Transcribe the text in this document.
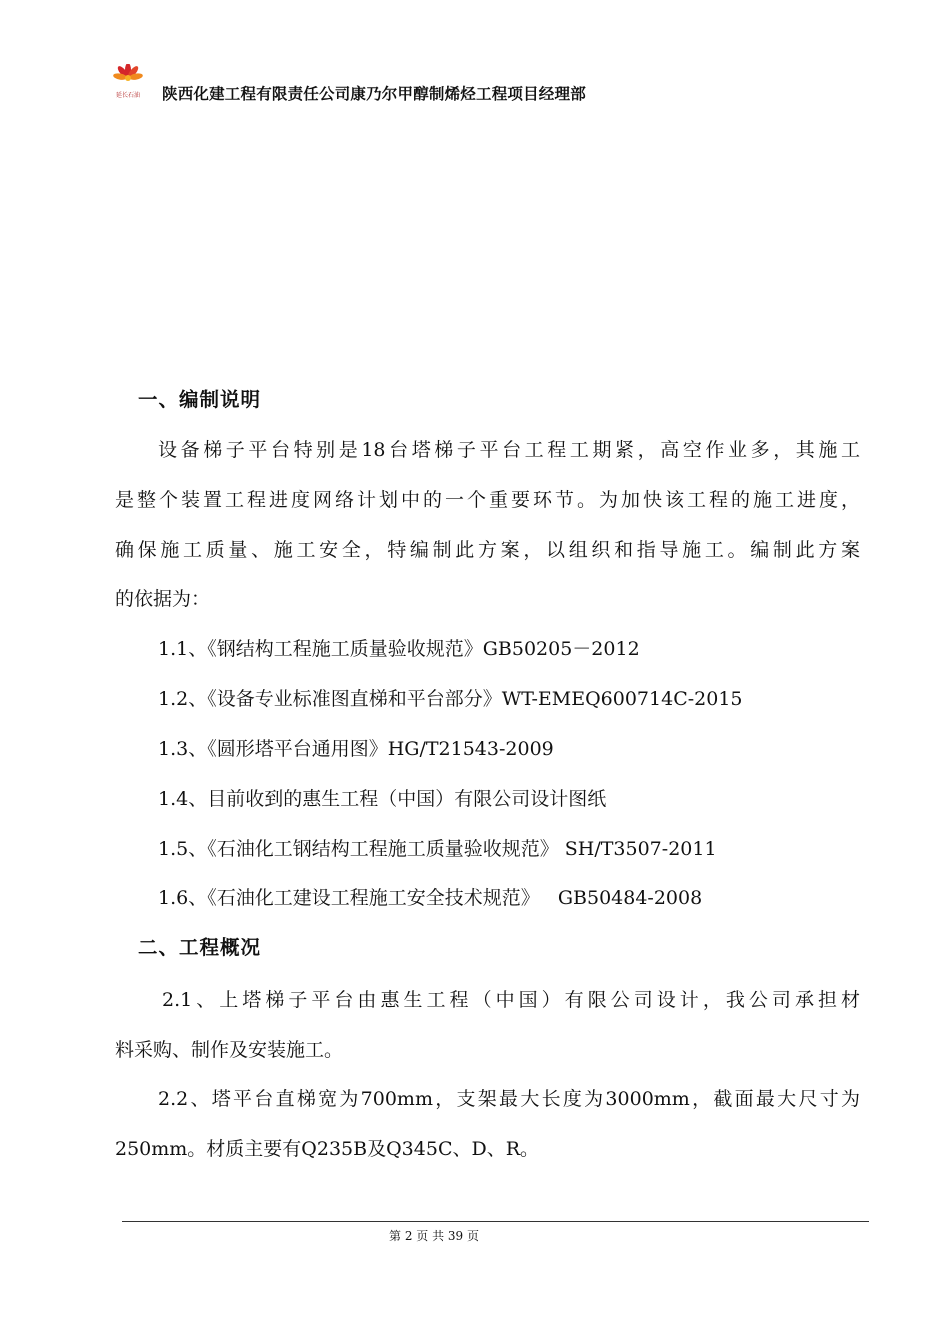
延长石油	陕西化建工程有限责任公司康乃尔甲醇制烯烃工程项目经理部
一、编制说明
设备梯子平台特别是18台塔梯子平台工程工期紧，高空作业多，其施工
是整个装置工程进度网络计划中的一个重要环节。为加快该工程的施工进度，
确保施工质量、施工安全，特编制此方案，以组织和指导施工。编制此方案
的依据为：
1.1、《钢结构工程施工质量验收规范》GB50205－2012
1.2、《设备专业标准图直梯和平台部分》WT-EMEQ600714C-2015
1.3、《圆形塔平台通用图》HG/T21543-2009
1.4、目前收到的惠生工程（中国）有限公司设计图纸
1.5、《石油化工钢结构工程施工质量验收规范》 SH/T3507-2011
1.6、《石油化工建设工程施工安全技术规范》   GB50484-2008
二、工程概况
2.1、上塔梯子平台由惠生工程（中国）有限公司设计，我公司承担材
料采购、制作及安装施工。
2.2、塔平台直梯宽为700mm，支架最大长度为3000mm，截面最大尺寸为
250mm。材质主要有Q235B及Q345C、D、R。
第 2 页 共 39 页
